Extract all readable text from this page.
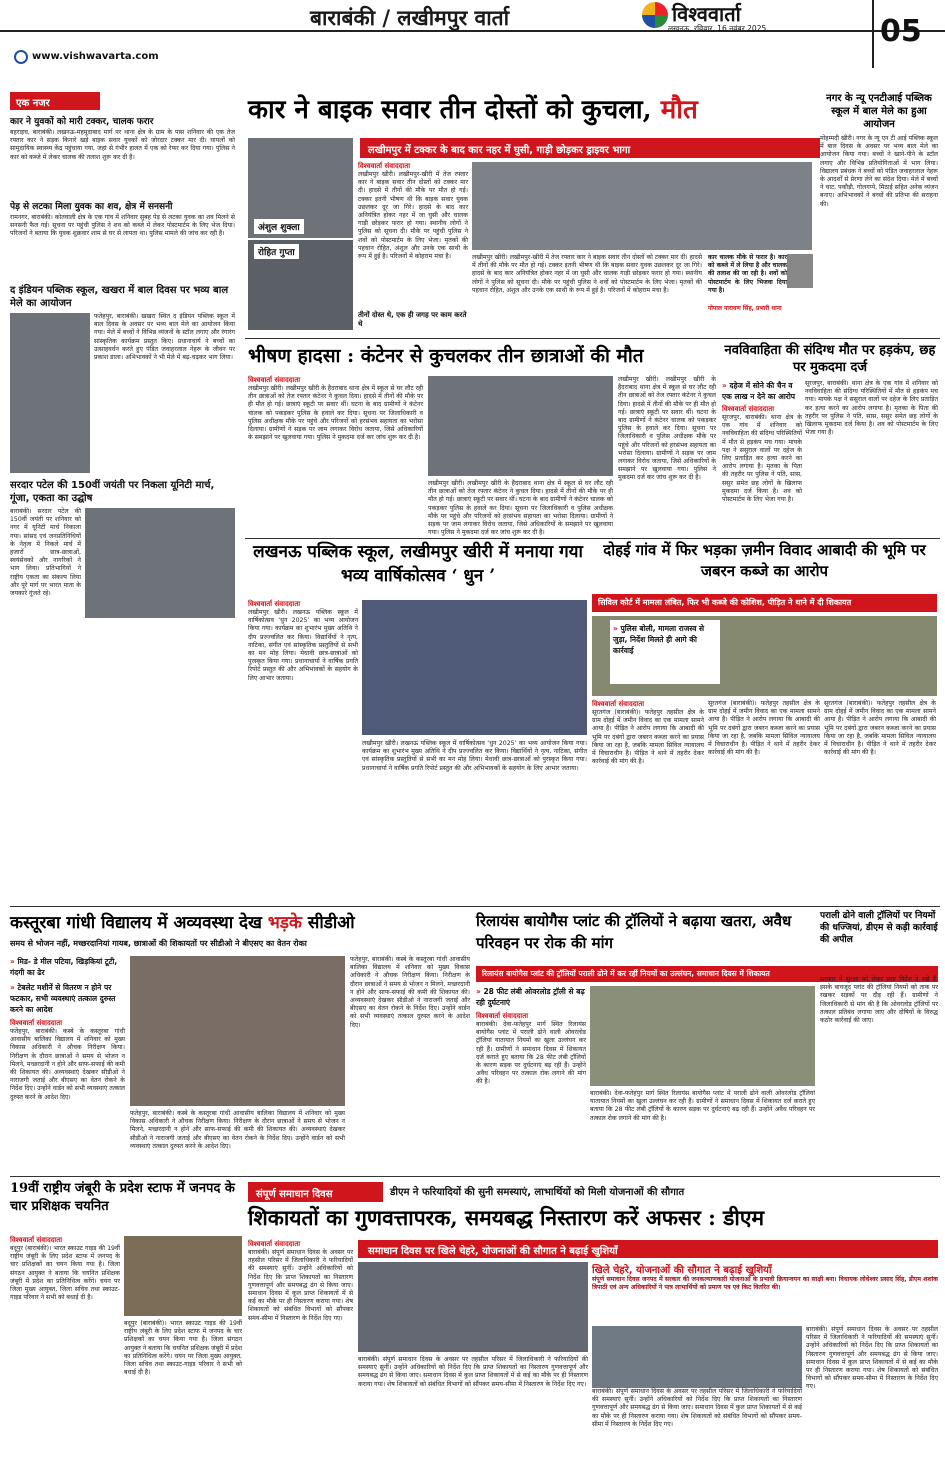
बाराबंकी / लखीमपुर वार्ता	विश्ववार्ता
लखनऊ, रविवार, 16 नवंबर 2025	05
www.vishwavarta.com
एक नजर
कार ने युवकों को मारी टक्कर, चालक फरार
बहराइच, बाराबंकी। लखनऊ-महमूदाबाद मार्ग पर थाना क्षेत्र के ग्राम के पास शनिवार की एक तेज रफ्तार कार ने सड़क किनारे खड़े बाइक सवार युवकों को जोरदार टक्कर मार दी। घायलों को सामुदायिक स्वास्थ्य केंद्र पहुंचाया गया, जहां से गंभीर हालत में एक को रेफर कर दिया गया। पुलिस ने कार को कब्जे में लेकर चालक की तलाश शुरू कर दी है।
पेड़ से लटका मिला युवक का शव, क्षेत्र में सनसनी
रामनगर, बाराबंकी। कोतवाली क्षेत्र के एक गांव में शनिवार सुबह पेड़ से लटका युवक का शव मिलने से सनसनी फैल गई। सूचना पर पहुंची पुलिस ने शव को कब्जे में लेकर पोस्टमार्टम के लिए भेज दिया। परिजनों ने बताया कि युवक शुक्रवार शाम से घर से लापता था। पुलिस मामले की जांच कर रही है।
द इंडियन पब्लिक स्कूल, खखरा में बाल दिवस पर भव्य बाल मेले का आयोजन
फतेहपुर, बाराबंकी। खखरा स्थित द इंडियन पब्लिक स्कूल में बाल दिवस के अवसर पर भव्य बाल मेले का आयोजन किया गया। मेले में बच्चों ने विभिन्न व्यंजनों के स्टॉल लगाए और रंगारंग सांस्कृतिक कार्यक्रम प्रस्तुत किए। प्रधानाचार्य ने बच्चों का उत्साहवर्धन करते हुए पंडित जवाहरलाल नेहरू के जीवन पर प्रकाश डाला। अभिभावकों ने भी मेले में बढ़-चढ़कर भाग लिया।
सरदार पटेल की 150वीं जयंती पर निकला यूनिटी मार्च, गूंजा, एकता का उद्घोष
बाराबंकी। सरदार पटेल की 150वीं जयंती पर शनिवार को नगर में यूनिटी मार्च निकाला गया। सांसद एवं जनप्रतिनिधियों के नेतृत्व में निकले मार्च में हजारों छात्र-छात्राओं, स्वयंसेवकों और नागरिकों ने भाग लिया। प्रतिभागियों ने राष्ट्रीय एकता का संकल्प लिया और पूरे मार्ग पर भारत माता के जयकारे गूंजते रहे।
कार ने बाइक सवार तीन दोस्तों को कुचला, मौत
लखीमपुर में टक्कर के बाद कार नहर में घुसी, गाड़ी छोड़कर ड्राइवर भागा
अंशुल शुक्ला
रोहित गुप्ता
विश्ववार्ता संवाददाता
लखीमपुर खीरी। लखीमपुर-खीरी में तेज रफ्तार कार ने बाइक सवार तीन दोस्तों को टक्कर मार दी। हादसे में तीनों की मौके पर मौत हो गई। टक्कर इतनी भीषण थी कि बाइक सवार युवक उछलकर दूर जा गिरे। हादसे के बाद कार अनियंत्रित होकर नहर में जा घुसी और चालक गाड़ी छोड़कर फरार हो गया। स्थानीय लोगों ने पुलिस को सूचना दी। मौके पर पहुंची पुलिस ने शवों को पोस्टमार्टम के लिए भेजा। मृतकों की पहचान रोहित, अंशुल और उनके एक साथी के रूप में हुई है। परिजनों में कोहराम मचा है।
तीनों दोस्त थे, एक ही जगह पर काम करते थे
लखीमपुर खीरी। लखीमपुर-खीरी में तेज रफ्तार कार ने बाइक सवार तीन दोस्तों को टक्कर मार दी। हादसे में तीनों की मौके पर मौत हो गई। टक्कर इतनी भीषण थी कि बाइक सवार युवक उछलकर दूर जा गिरे। हादसे के बाद कार अनियंत्रित होकर नहर में जा घुसी और चालक गाड़ी छोड़कर फरार हो गया। स्थानीय लोगों ने पुलिस को सूचना दी। मौके पर पहुंची पुलिस ने शवों को पोस्टमार्टम के लिए भेजा। मृतकों की पहचान रोहित, अंशुल और उनके एक साथी के रूप में हुई है। परिजनों में कोहराम मचा है।
कार चालक मौके से फरार है। कार को कब्जे में ले लिया है और चालक की तलाश की जा रही है। शवों को पोस्टमार्टम के लिए भिजवा दिया गया है।
गोपाल नारायण सिंह, प्रभारी थाना
नगर के न्यू एनटीआई पब्लिक स्कूल में बाल मेले का हुआ आयोजन
मोहम्मदी खीरी। नगर के न्यू एन टी आई पब्लिक स्कूल में बाल दिवस के अवसर पर भव्य बाल मेले का आयोजन किया गया। बच्चों ने खाने-पीने के स्टॉल लगाए और विभिन्न प्रतियोगिताओं में भाग लिया। विद्यालय प्रबंधक ने बच्चों को पंडित जवाहरलाल नेहरू के आदर्शों से प्रेरणा लेने का संदेश दिया। मेले में बच्चों ने चाट, पकौड़ी, गोलगप्पे, मिठाई सहित अनेक व्यंजन बनाए। अभिभावकों ने बच्चों की प्रतिभा की सराहना की।
भीषण हादसा : कंटेनर से कुचलकर तीन छात्राओं की मौत
विश्ववार्ता संवाददाता
लखीमपुर खीरी। लखीमपुर खीरी के हैदराबाद थाना क्षेत्र में स्कूल से घर लौट रही तीन छात्राओं को तेज रफ्तार कंटेनर ने कुचल दिया। हादसे में तीनों की मौके पर ही मौत हो गई। छात्राएं स्कूटी पर सवार थीं। घटना के बाद ग्रामीणों ने कंटेनर चालक को पकड़कर पुलिस के हवाले कर दिया। सूचना पर जिलाधिकारी व पुलिस अधीक्षक मौके पर पहुंचे और परिजनों को हरसंभव सहायता का भरोसा दिलाया। ग्रामीणों ने सड़क पर जाम लगाकर विरोध जताया, जिसे अधिकारियों के समझाने पर खुलवाया गया। पुलिस ने मुकदमा दर्ज कर जांच शुरू कर दी है।
लखीमपुर खीरी। लखीमपुर खीरी के हैदराबाद थाना क्षेत्र में स्कूल से घर लौट रही तीन छात्राओं को तेज रफ्तार कंटेनर ने कुचल दिया। हादसे में तीनों की मौके पर ही मौत हो गई। छात्राएं स्कूटी पर सवार थीं। घटना के बाद ग्रामीणों ने कंटेनर चालक को पकड़कर पुलिस के हवाले कर दिया। सूचना पर जिलाधिकारी व पुलिस अधीक्षक मौके पर पहुंचे और परिजनों को हरसंभव सहायता का भरोसा दिलाया। ग्रामीणों ने सड़क पर जाम लगाकर विरोध जताया, जिसे अधिकारियों के समझाने पर खुलवाया गया। पुलिस ने मुकदमा दर्ज कर जांच शुरू कर दी है।
लखीमपुर खीरी। लखीमपुर खीरी के हैदराबाद थाना क्षेत्र में स्कूल से घर लौट रही तीन छात्राओं को तेज रफ्तार कंटेनर ने कुचल दिया। हादसे में तीनों की मौके पर ही मौत हो गई। छात्राएं स्कूटी पर सवार थीं। घटना के बाद ग्रामीणों ने कंटेनर चालक को पकड़कर पुलिस के हवाले कर दिया। सूचना पर जिलाधिकारी व पुलिस अधीक्षक मौके पर पहुंचे और परिजनों को हरसंभव सहायता का भरोसा दिलाया। ग्रामीणों ने सड़क पर जाम लगाकर विरोध जताया, जिसे अधिकारियों के समझाने पर खुलवाया गया। पुलिस ने मुकदमा दर्ज कर जांच शुरू कर दी है।
नवविवाहिता की संदिग्ध मौत पर हड़कंप, छह पर मुकदमा दर्ज
» दहेज में सोने की चैन व एक लाख न देने का आरोप
विश्ववार्ता संवाददाता
सूरजपुर, बाराबंकी। थाना क्षेत्र के एक गांव में शनिवार को नवविवाहिता की संदिग्ध परिस्थितियों में मौत से हड़कंप मच गया। मायके पक्ष ने ससुराल वालों पर दहेज के लिए प्रताड़ित कर हत्या करने का आरोप लगाया है। मृतका के पिता की तहरीर पर पुलिस ने पति, सास, ससुर समेत छह लोगों के खिलाफ मुकदमा दर्ज किया है। शव को पोस्टमार्टम के लिए भेजा गया है।
सूरजपुर, बाराबंकी। थाना क्षेत्र के एक गांव में शनिवार को नवविवाहिता की संदिग्ध परिस्थितियों में मौत से हड़कंप मच गया। मायके पक्ष ने ससुराल वालों पर दहेज के लिए प्रताड़ित कर हत्या करने का आरोप लगाया है। मृतका के पिता की तहरीर पर पुलिस ने पति, सास, ससुर समेत छह लोगों के खिलाफ मुकदमा दर्ज किया है। शव को पोस्टमार्टम के लिए भेजा गया है।
लखनऊ पब्लिक स्कूल, लखीमपुर खीरी में मनाया गया भव्य वार्षिकोत्सव ‘ धुन ’
विश्ववार्ता संवाददाता
लखीमपुर खीरी। लखनऊ पब्लिक स्कूल में वार्षिकोत्सव ‘धुन 2025’ का भव्य आयोजन किया गया। कार्यक्रम का शुभारंभ मुख्य अतिथि ने दीप प्रज्ज्वलित कर किया। विद्यार्थियों ने नृत्य, नाटिका, संगीत एवं सांस्कृतिक प्रस्तुतियों से सभी का मन मोह लिया। मेधावी छात्र-छात्राओं को पुरस्कृत किया गया। प्रधानाचार्या ने वार्षिक प्रगति रिपोर्ट प्रस्तुत की और अभिभावकों के सहयोग के लिए आभार जताया।
लखीमपुर खीरी। लखनऊ पब्लिक स्कूल में वार्षिकोत्सव ‘धुन 2025’ का भव्य आयोजन किया गया। कार्यक्रम का शुभारंभ मुख्य अतिथि ने दीप प्रज्ज्वलित कर किया। विद्यार्थियों ने नृत्य, नाटिका, संगीत एवं सांस्कृतिक प्रस्तुतियों से सभी का मन मोह लिया। मेधावी छात्र-छात्राओं को पुरस्कृत किया गया। प्रधानाचार्या ने वार्षिक प्रगति रिपोर्ट प्रस्तुत की और अभिभावकों के सहयोग के लिए आभार जताया।
दोहई गांव में फिर भड़का ज़मीन विवाद आबादी की भूमि पर जबरन कब्जे का आरोप
सिविल कोर्ट में मामला लंबित, फिर भी कब्जे की कोशिश, पीड़ित ने थाने में दी शिकायत
» पुलिस बोली, मामला राजस्व से जुड़ा, निर्देश मिलते ही आगे की कार्रवाई
विश्ववार्ता संवाददाता
सूरतगंज (बाराबंकी)। फतेहपुर तहसील क्षेत्र के ग्राम दोहई में जमीन विवाद का एक मामला सामने आया है। पीड़ित ने आरोप लगाया कि आबादी की भूमि पर दबंगों द्वारा जबरन कब्जा करने का प्रयास किया जा रहा है, जबकि मामला सिविल न्यायालय में विचाराधीन है। पीड़ित ने थाने में तहरीर देकर कार्रवाई की मांग की है।
सूरतगंज (बाराबंकी)। फतेहपुर तहसील क्षेत्र के ग्राम दोहई में जमीन विवाद का एक मामला सामने आया है। पीड़ित ने आरोप लगाया कि आबादी की भूमि पर दबंगों द्वारा जबरन कब्जा करने का प्रयास किया जा रहा है, जबकि मामला सिविल न्यायालय में विचाराधीन है। पीड़ित ने थाने में तहरीर देकर कार्रवाई की मांग की है।
सूरतगंज (बाराबंकी)। फतेहपुर तहसील क्षेत्र के ग्राम दोहई में जमीन विवाद का एक मामला सामने आया है। पीड़ित ने आरोप लगाया कि आबादी की भूमि पर दबंगों द्वारा जबरन कब्जा करने का प्रयास किया जा रहा है, जबकि मामला सिविल न्यायालय में विचाराधीन है। पीड़ित ने थाने में तहरीर देकर कार्रवाई की मांग की है।
कस्तूरबा गांधी विद्यालय में अव्यवस्था देख भड़के सीडीओ
समय से भोजन नहीं, मच्छरदानियां गायब, छात्राओं की शिकायतों पर सीडीओ ने बीएसए का वेतन रोका
» मिड- डे मील पटिया, खिड़कियां टूटी, गंदगी का ढेर
» टेबलेट मशीनें से वितरण न होने पर फटकार, सभी व्यवस्थाएं तत्काल दुरुस्त करने का आदेश
विश्ववार्ता संवाददाता
फतेहपुर, बाराबंकी। कस्बे के कस्तूरबा गांधी आवासीय बालिका विद्यालय में शनिवार को मुख्य विकास अधिकारी ने औचक निरीक्षण किया। निरीक्षण के दौरान छात्राओं ने समय से भोजन न मिलने, मच्छरदानी न होने और साफ-सफाई की कमी की शिकायत की। अव्यवस्थाएं देखकर सीडीओ ने नाराजगी जताई और बीएसए का वेतन रोकने के निर्देश दिए। उन्होंने वार्डन को सभी व्यवस्थाएं तत्काल दुरुस्त करने के आदेश दिए।
फतेहपुर, बाराबंकी। कस्बे के कस्तूरबा गांधी आवासीय बालिका विद्यालय में शनिवार को मुख्य विकास अधिकारी ने औचक निरीक्षण किया। निरीक्षण के दौरान छात्राओं ने समय से भोजन न मिलने, मच्छरदानी न होने और साफ-सफाई की कमी की शिकायत की। अव्यवस्थाएं देखकर सीडीओ ने नाराजगी जताई और बीएसए का वेतन रोकने के निर्देश दिए। उन्होंने वार्डन को सभी व्यवस्थाएं तत्काल दुरुस्त करने के आदेश दिए।
फतेहपुर, बाराबंकी। कस्बे के कस्तूरबा गांधी आवासीय बालिका विद्यालय में शनिवार को मुख्य विकास अधिकारी ने औचक निरीक्षण किया। निरीक्षण के दौरान छात्राओं ने समय से भोजन न मिलने, मच्छरदानी न होने और साफ-सफाई की कमी की शिकायत की। अव्यवस्थाएं देखकर सीडीओ ने नाराजगी जताई और बीएसए का वेतन रोकने के निर्देश दिए। उन्होंने वार्डन को सभी व्यवस्थाएं तत्काल दुरुस्त करने के आदेश दिए।
रिलायंस बायोगैस प्लांट की ट्रॉलियों ने बढ़ाया खतरा, अवैध परिवहन पर रोक की मांग
रिलायंस बायोगैस प्लांट की ट्रॉलियों पराली ढोने में कर रहीं नियमों का उल्लंघन, समाधान दिवस में शिकायत
» 28 फीट लंबी ओवरलोड ट्रॉली से बढ़ रही दुर्घटनाएं
विश्ववार्ता संवाददाता
बाराबंकी। देवा-फतेहपुर मार्ग स्थित रिलायंस बायोगैस प्लांट में पराली ढोने वाली ओवरलोड ट्रॉलियां यातायात नियमों का खुला उल्लंघन कर रही हैं। ग्रामीणों ने समाधान दिवस में शिकायत दर्ज कराते हुए बताया कि 28 फीट लंबी ट्रॉलियों के कारण सड़क पर दुर्घटनाएं बढ़ रही हैं। उन्होंने अवैध परिवहन पर तत्काल रोक लगाने की मांग की है।
बाराबंकी। देवा-फतेहपुर मार्ग स्थित रिलायंस बायोगैस प्लांट में पराली ढोने वाली ओवरलोड ट्रॉलियां यातायात नियमों का खुला उल्लंघन कर रही हैं। ग्रामीणों ने समाधान दिवस में शिकायत दर्ज कराते हुए बताया कि 28 फीट लंबी ट्रॉलियों के कारण सड़क पर दुर्घटनाएं बढ़ रही हैं। उन्होंने अवैध परिवहन पर तत्काल रोक लगाने की मांग की है।
पराली ढोने वाली ट्रॉलियों पर नियमों की धज्जियां, डीएम से कड़ी कार्रवाई की अपील
सरकार ने सुरक्षा को लेकर स्पष्ट निर्देश दे रखे हैं, इसके बावजूद प्लांट की ट्रॉलियां नियमों को ताक पर रखकर सड़कों पर दौड़ रही हैं। ग्रामीणों ने जिलाधिकारी से मांग की है कि ओवरलोड ट्रॉलियों पर तत्काल प्रतिबंध लगाया जाए और दोषियों के विरुद्ध कठोर कार्रवाई की जाए।
19वीं राष्ट्रीय जंबूरी के प्रदेश स्टाफ में जनपद के चार प्रशिक्षक चयनित
विश्ववार्ता संवाददाता
बदूपुर (बाराबंकी)। भारत स्काउट गाइड की 19वीं राष्ट्रीय जंबूरी के लिए प्रदेश स्टाफ में जनपद के चार प्रशिक्षकों का चयन किया गया है। जिला संगठन आयुक्त ने बताया कि चयनित प्रशिक्षक जंबूरी में प्रदेश का प्रतिनिधित्व करेंगे। चयन पर जिला मुख्य आयुक्त, जिला सचिव तथा स्काउट-गाइड परिवार ने सभी को बधाई दी है।
बदूपुर (बाराबंकी)। भारत स्काउट गाइड की 19वीं राष्ट्रीय जंबूरी के लिए प्रदेश स्टाफ में जनपद के चार प्रशिक्षकों का चयन किया गया है। जिला संगठन आयुक्त ने बताया कि चयनित प्रशिक्षक जंबूरी में प्रदेश का प्रतिनिधित्व करेंगे। चयन पर जिला मुख्य आयुक्त, जिला सचिव तथा स्काउट-गाइड परिवार ने सभी को बधाई दी है।
संपूर्ण समाधान दिवस	डीएम ने फरियादियों की सुनी समस्याएं, लाभार्थियों को मिली योजनाओं की सौगात
शिकायतों का गुणवत्तापरक, समयबद्ध निस्तारण करें अफसर : डीएम
समाधान दिवस पर खिले चेहरे, योजनाओं की सौगात ने बढ़ाई खुशियाँ
विश्ववार्ता संवाददाता
बाराबंकी। संपूर्ण समाधान दिवस के अवसर पर तहसील परिसर में जिलाधिकारी ने फरियादियों की समस्याएं सुनीं। उन्होंने अधिकारियों को निर्देश दिए कि प्राप्त शिकायतों का निस्तारण गुणवत्तापूर्ण और समयबद्ध ढंग से किया जाए। समाधान दिवस में कुल प्राप्त शिकायतों में से कई का मौके पर ही निस्तारण कराया गया। शेष शिकायतों को संबंधित विभागों को सौंपकर समय-सीमा में निस्तारण के निर्देश दिए गए।
बाराबंकी। संपूर्ण समाधान दिवस के अवसर पर तहसील परिसर में जिलाधिकारी ने फरियादियों की समस्याएं सुनीं। उन्होंने अधिकारियों को निर्देश दिए कि प्राप्त शिकायतों का निस्तारण गुणवत्तापूर्ण और समयबद्ध ढंग से किया जाए। समाधान दिवस में कुल प्राप्त शिकायतों में से कई का मौके पर ही निस्तारण कराया गया। शेष शिकायतों को संबंधित विभागों को सौंपकर समय-सीमा में निस्तारण के निर्देश दिए गए।
खिले चेहरे, योजनाओं की सौगात ने बढ़ाई खुशियाँ
संपूर्ण समाधान दिवस जनपद में सरकार की जनकल्याणकारी योजनाओं के प्रभावी क्रियान्वयन का साक्षी बना। विधायक लोधेश्वर प्रसाद सिंह, डीएम शशांक त्रिपाठी एवं अन्य अधिकारियों ने पात्र लाभार्थियों को प्रमाण पत्र एवं किट वितरित की।
बाराबंकी। संपूर्ण समाधान दिवस के अवसर पर तहसील परिसर में जिलाधिकारी ने फरियादियों की समस्याएं सुनीं। उन्होंने अधिकारियों को निर्देश दिए कि प्राप्त शिकायतों का निस्तारण गुणवत्तापूर्ण और समयबद्ध ढंग से किया जाए। समाधान दिवस में कुल प्राप्त शिकायतों में से कई का मौके पर ही निस्तारण कराया गया। शेष शिकायतों को संबंधित विभागों को सौंपकर समय-सीमा में निस्तारण के निर्देश दिए गए।
बाराबंकी। संपूर्ण समाधान दिवस के अवसर पर तहसील परिसर में जिलाधिकारी ने फरियादियों की समस्याएं सुनीं। उन्होंने अधिकारियों को निर्देश दिए कि प्राप्त शिकायतों का निस्तारण गुणवत्तापूर्ण और समयबद्ध ढंग से किया जाए। समाधान दिवस में कुल प्राप्त शिकायतों में से कई का मौके पर ही निस्तारण कराया गया। शेष शिकायतों को संबंधित विभागों को सौंपकर समय-सीमा में निस्तारण के निर्देश दिए गए।
